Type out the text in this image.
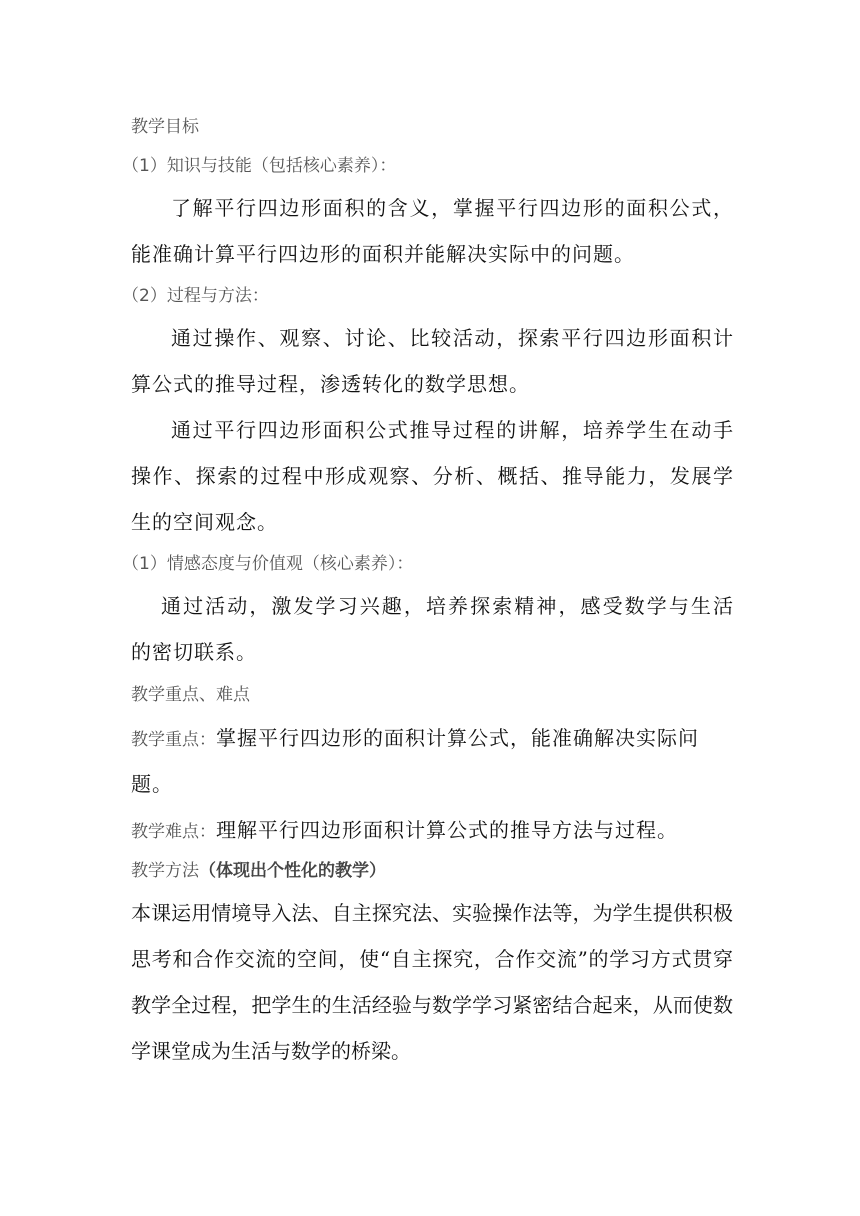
教学目标
（1）知识与技能（包括核心素养）：
了解平行四边形面积的含义，掌握平行四边形的面积公式，
能准确计算平行四边形的面积并能解决实际中的问题。
（2）过程与方法：
通过操作、观察、讨论、比较活动，探索平行四边形面积计
算公式的推导过程，渗透转化的数学思想。
通过平行四边形面积公式推导过程的讲解，培养学生在动手
操作、探索的过程中形成观察、分析、概括、推导能力，发展学
生的空间观念。
（1）情感态度与价值观（核心素养）：
通过活动，激发学习兴趣，培养探索精神，感受数学与生活
的密切联系。
教学重点、难点
教学重点：掌握平行四边形的面积计算公式，能准确解决实际问
题。
教学难点：理解平行四边形面积计算公式的推导方法与过程。
教学方法（体现出个性化的教学）
本课运用情境导入法、自主探究法、实验操作法等，为学生提供积极
思考和合作交流的空间，使“自主探究，合作交流”的学习方式贯穿
教学全过程，把学生的生活经验与数学学习紧密结合起来，从而使数
学课堂成为生活与数学的桥梁。
